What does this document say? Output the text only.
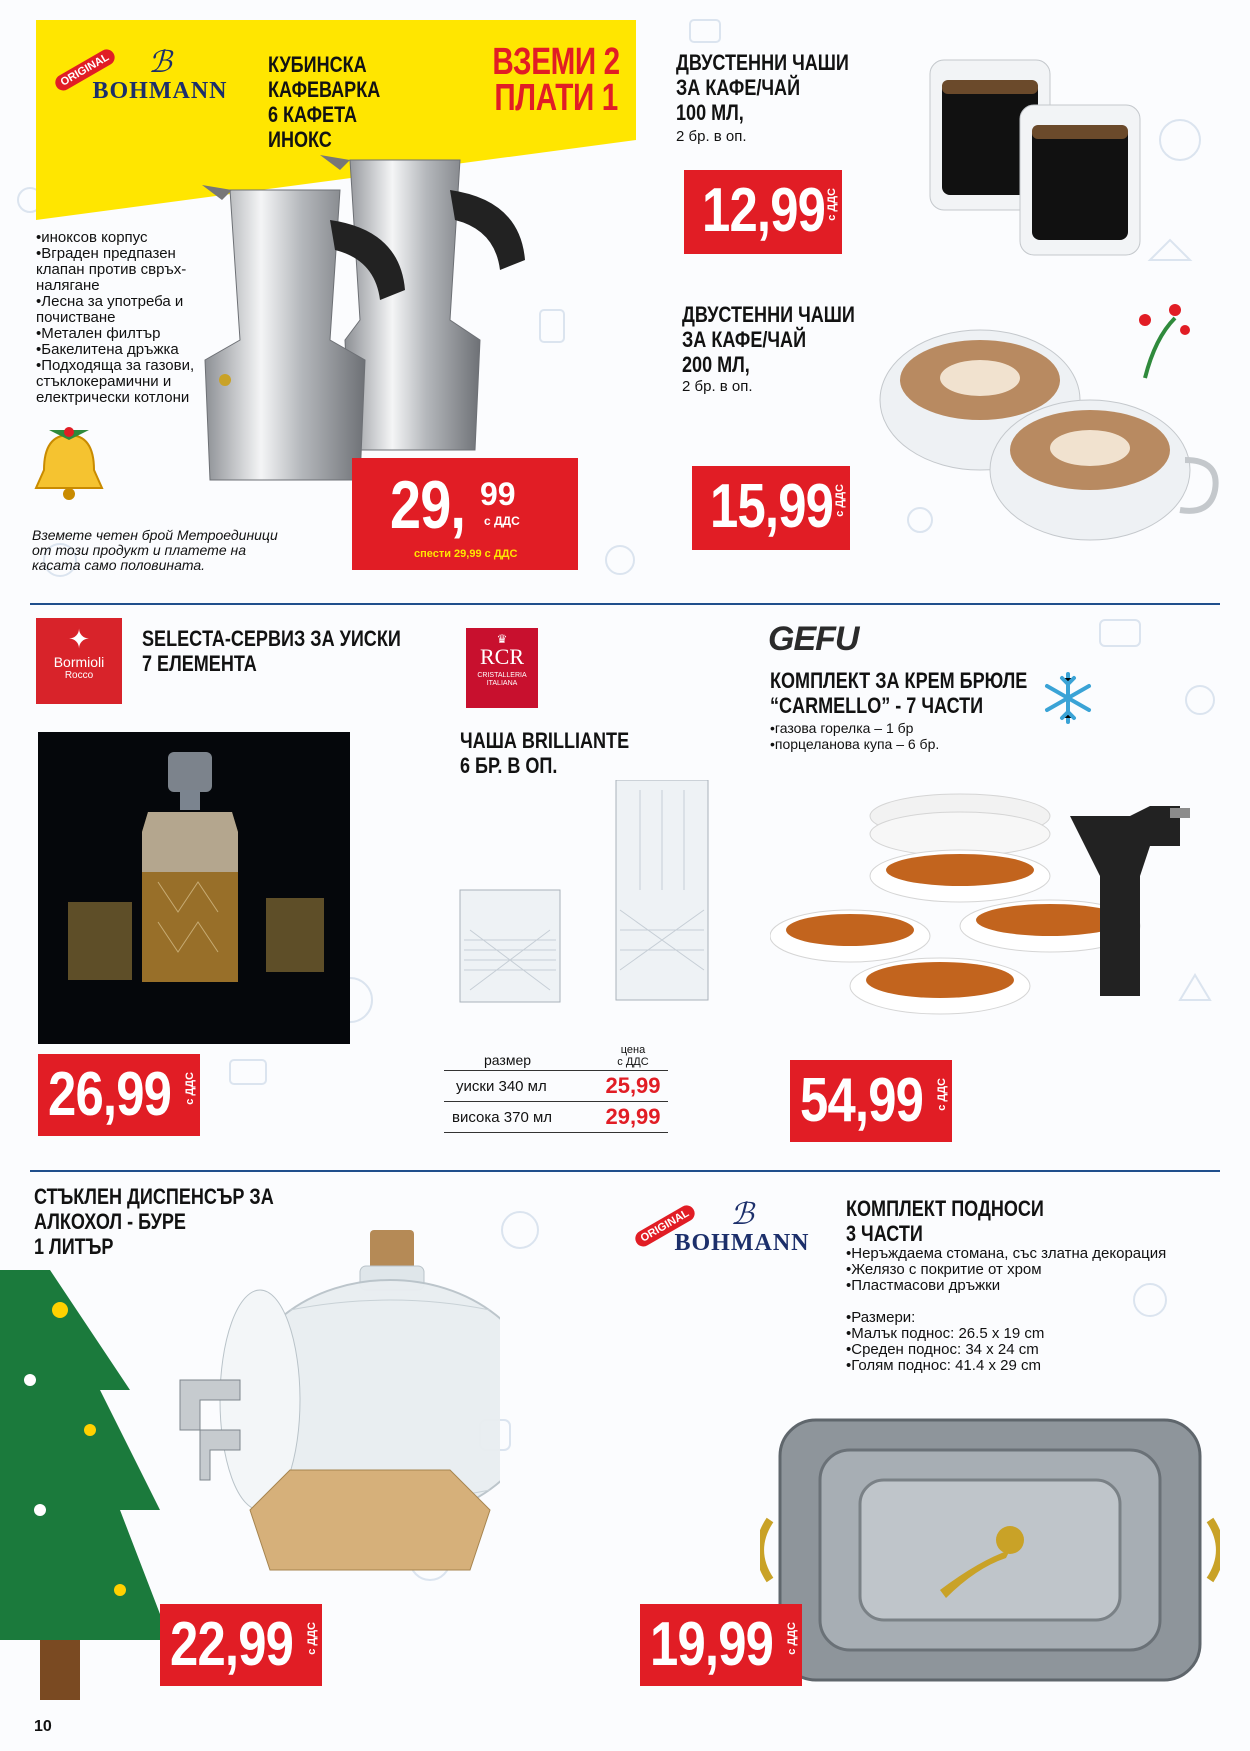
ORIGINAL	ℬ
BOHMANN
КУБИНСКА
КАФЕВАРКА
6 КАФЕТА
ИНОКС
ВЗЕМИ 2
ПЛАТИ 1
•иноксов корпус
•Вграден предпазен
клапан против свръх-
налягане
•Лесна за употреба и
почистване
•Метален филтър
•Бакелитена дръжка
•Подходяща за газови,
стъклокерамични и
електрически котлони
29, 99
с ДДС
спести 29,99 с ДДС
Вземете четен брой Метроединици
от този продукт и платете на
касата само половината.
ДВУСТЕННИ ЧАШИ
ЗА КАФЕ/ЧАЙ
100 МЛ,
2 бр. в оп.
12,99 с ДДС
ДВУСТЕННИ ЧАШИ
ЗА КАФЕ/ЧАЙ
200 МЛ,
2 бр. в оп.
15,99 с ДДС
✦
Bormioli
Rocco
SELECTA-СЕРВИЗ ЗА УИСКИ
7 ЕЛЕМЕНТА
26,99 с ДДС
♛
RCR
CRISTALLERIA
ITALIANA
ЧАША BRILLIANTE
6 БР. В ОП.
размер
цена
с ДДС
уиски 340 мл	25,99
висока 370 мл	29,99
GEFU
КОМПЛЕКТ ЗА КРЕМ БРЮЛЕ
“CARMELLO” - 7 ЧАСТИ
•газова горелка – 1 бр
•порцеланова купа – 6 бр.
54,99 с ДДС
СТЪКЛЕН ДИСПЕНСЪР ЗА
АЛКОХОЛ - БУРЕ
1 ЛИТЪР
22,99 с ДДС
ORIGINAL	ℬ
BOHMANN
КОМПЛЕКТ ПОДНОСИ
3 ЧАСТИ
•Неръждаема стомана, със златна декорация
•Желязо с покритие от хром
•Пластмасови дръжки
•Размери:
•Малък поднос: 26.5 x 19 cm
•Среден поднос: 34 x 24 cm
•Голям поднос: 41.4 x 29 cm
19,99 с ДДС
10
